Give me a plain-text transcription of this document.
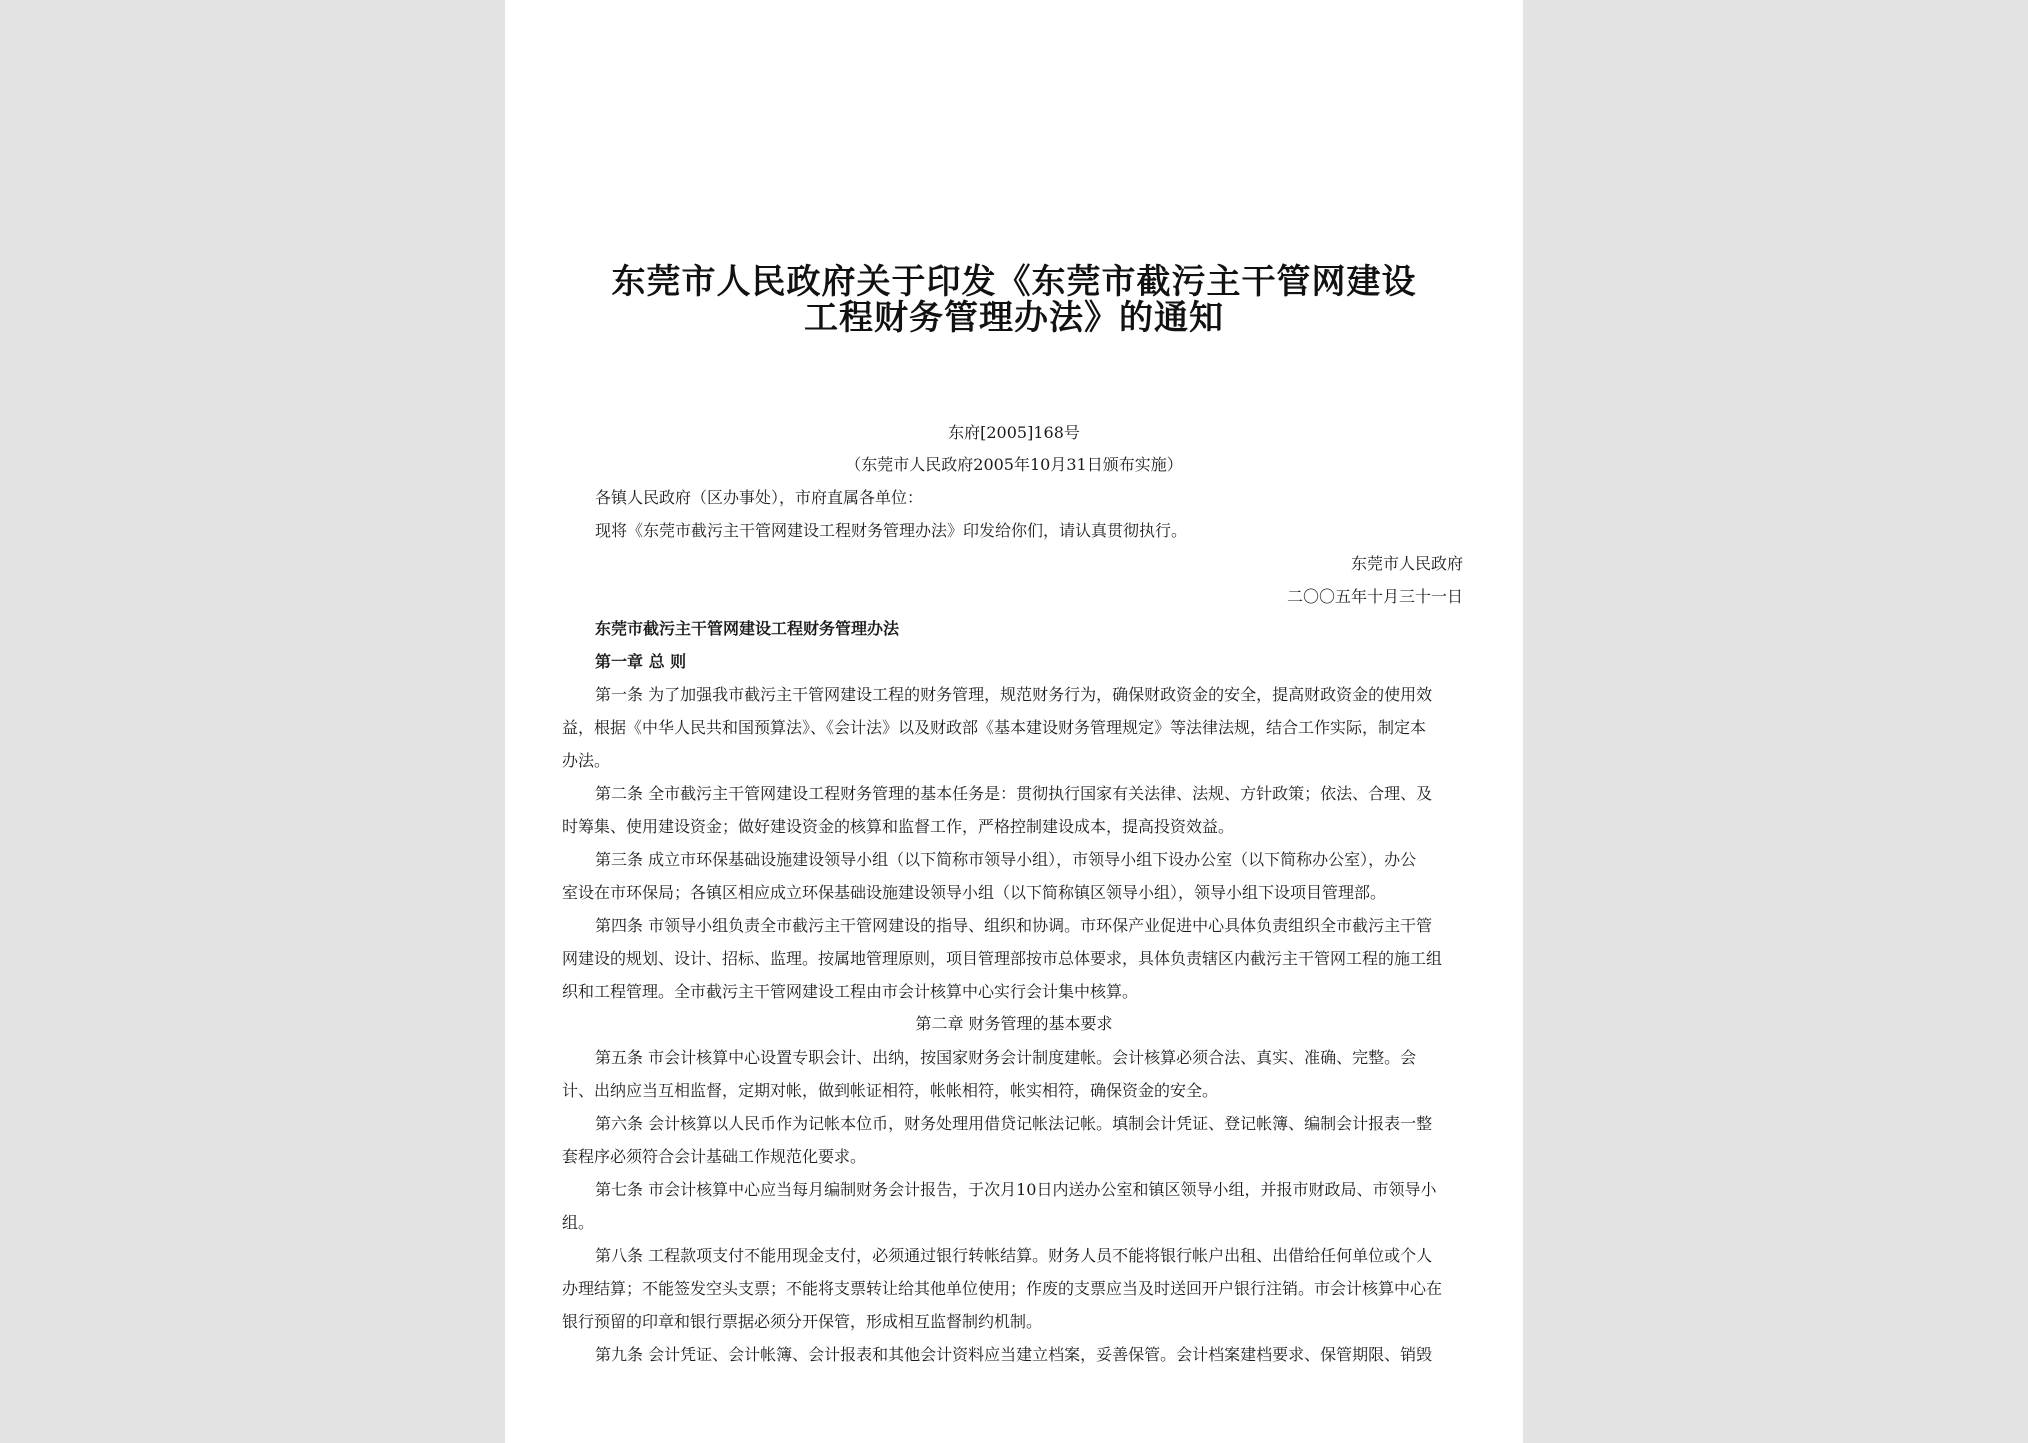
东莞市人民政府关于印发《东莞市截污主干管网建设
工程财务管理办法》的通知
东府[2005]168号
（东莞市人民政府2005年10月31日颁布实施）
各镇人民政府（区办事处），市府直属各单位：
现将《东莞市截污主干管网建设工程财务管理办法》印发给你们，请认真贯彻执行。
东莞市人民政府
二〇〇五年十月三十一日
东莞市截污主干管网建设工程财务管理办法
第一章 总 则
第一条 为了加强我市截污主干管网建设工程的财务管理，规范财务行为，确保财政资金的安全，提高财政资金的使用效
益，根据《中华人民共和国预算法》、《会计法》以及财政部《基本建设财务管理规定》等法律法规，结合工作实际，制定本
办法。
第二条 全市截污主干管网建设工程财务管理的基本任务是：贯彻执行国家有关法律、法规、方针政策；依法、合理、及
时筹集、使用建设资金；做好建设资金的核算和监督工作，严格控制建设成本，提高投资效益。
第三条 成立市环保基础设施建设领导小组（以下简称市领导小组），市领导小组下设办公室（以下简称办公室），办公
室设在市环保局；各镇区相应成立环保基础设施建设领导小组（以下简称镇区领导小组），领导小组下设项目管理部。
第四条 市领导小组负责全市截污主干管网建设的指导、组织和协调。市环保产业促进中心具体负责组织全市截污主干管
网建设的规划、设计、招标、监理。按属地管理原则，项目管理部按市总体要求，具体负责辖区内截污主干管网工程的施工组
织和工程管理。全市截污主干管网建设工程由市会计核算中心实行会计集中核算。
第二章 财务管理的基本要求
第五条 市会计核算中心设置专职会计、出纳，按国家财务会计制度建帐。会计核算必须合法、真实、准确、完整。会
计、出纳应当互相监督，定期对帐，做到帐证相符，帐帐相符，帐实相符，确保资金的安全。
第六条 会计核算以人民币作为记帐本位币，财务处理用借贷记帐法记帐。填制会计凭证、登记帐簿、编制会计报表一整
套程序必须符合会计基础工作规范化要求。
第七条 市会计核算中心应当每月编制财务会计报告，于次月10日内送办公室和镇区领导小组，并报市财政局、市领导小
组。
第八条 工程款项支付不能用现金支付，必须通过银行转帐结算。财务人员不能将银行帐户出租、出借给任何单位或个人
办理结算；不能签发空头支票；不能将支票转让给其他单位使用；作废的支票应当及时送回开户银行注销。市会计核算中心在
银行预留的印章和银行票据必须分开保管，形成相互监督制约机制。
第九条 会计凭证、会计帐簿、会计报表和其他会计资料应当建立档案，妥善保管。会计档案建档要求、保管期限、销毁
